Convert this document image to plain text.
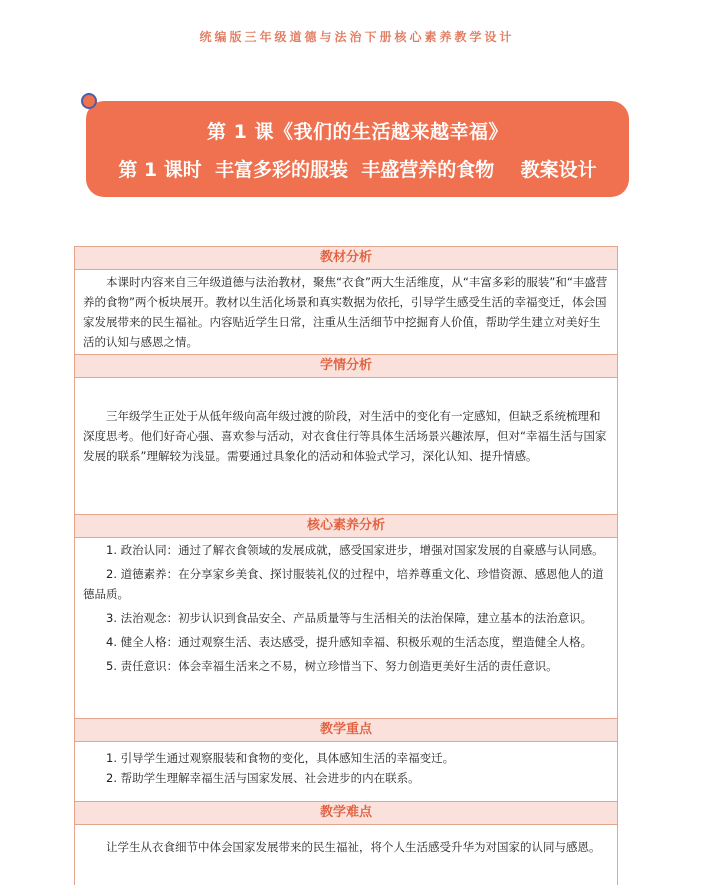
统编版三年级道德与法治下册核心素养教学设计
第 1 课《我们的生活越来越幸福》
第 1 课时  丰富多彩的服装  丰盛营养的食物    教案设计
教材分析

本课时内容来自三年级道德与法治教材，聚焦“衣食”两大生活维度，从“丰富多彩的服装”和“丰盛营养的食物”两个板块展开。教材以生活化场景和真实数据为依托，引导学生感受生活的幸福变迁，体会国家发展带来的民生福祉。内容贴近学生日常，注重从生活细节中挖掘育人价值，帮助学生建立对美好生活的认知与感恩之情。

学情分析

三年级学生正处于从低年级向高年级过渡的阶段，对生活中的变化有一定感知，但缺乏系统梳理和深度思考。他们好奇心强、喜欢参与活动，对衣食住行等具体生活场景兴趣浓厚，但对“幸福生活与国家发展的联系”理解较为浅显。需要通过具象化的活动和体验式学习，深化认知、提升情感。

核心素养分析

1. 政治认同：通过了解衣食领域的发展成就，感受国家进步，增强对国家发展的自豪感与认同感。

2. 道德素养：在分享家乡美食、探讨服装礼仪的过程中，培养尊重文化、珍惜资源、感恩他人的道德品质。

3. 法治观念：初步认识到食品安全、产品质量等与生活相关的法治保障，建立基本的法治意识。

4. 健全人格：通过观察生活、表达感受，提升感知幸福、积极乐观的生活态度，塑造健全人格。

5. 责任意识：体会幸福生活来之不易，树立珍惜当下、努力创造更美好生活的责任意识。

教学重点

1. 引导学生通过观察服装和食物的变化，具体感知生活的幸福变迁。

2. 帮助学生理解幸福生活与国家发展、社会进步的内在联系。

教学难点

让学生从衣食细节中体会国家发展带来的民生福祉，将个人生活感受升华为对国家的认同与感恩。
